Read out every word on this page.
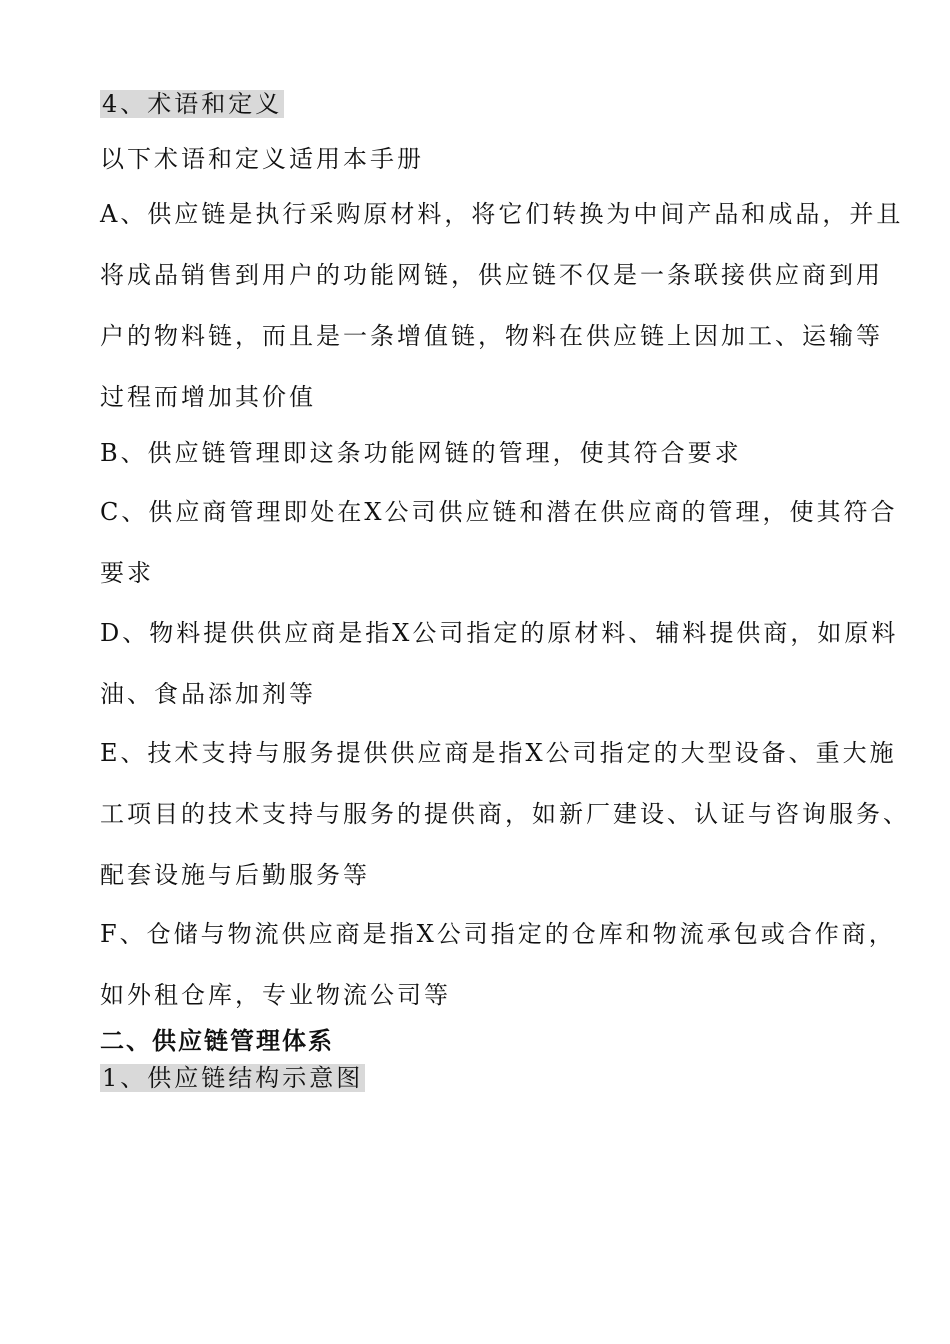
4、术语和定义

以下术语和定义适用本手册

A、供应链是执行采购原材料，将它们转换为中间产品和成品，并且

将成品销售到用户的功能网链，供应链不仅是一条联接供应商到用

户的物料链，而且是一条增值链，物料在供应链上因加工、运输等

过程而增加其价值

B、供应链管理即这条功能网链的管理，使其符合要求

C、供应商管理即处在X公司供应链和潜在供应商的管理，使其符合

要求

D、物料提供供应商是指X公司指定的原材料、辅料提供商，如原料

油、食品添加剂等

E、技术支持与服务提供供应商是指X公司指定的大型设备、重大施

工项目的技术支持与服务的提供商，如新厂建设、认证与咨询服务、

配套设施与后勤服务等

F、仓储与物流供应商是指X公司指定的仓库和物流承包或合作商，

如外租仓库，专业物流公司等

二、供应链管理体系

1、供应链结构示意图
